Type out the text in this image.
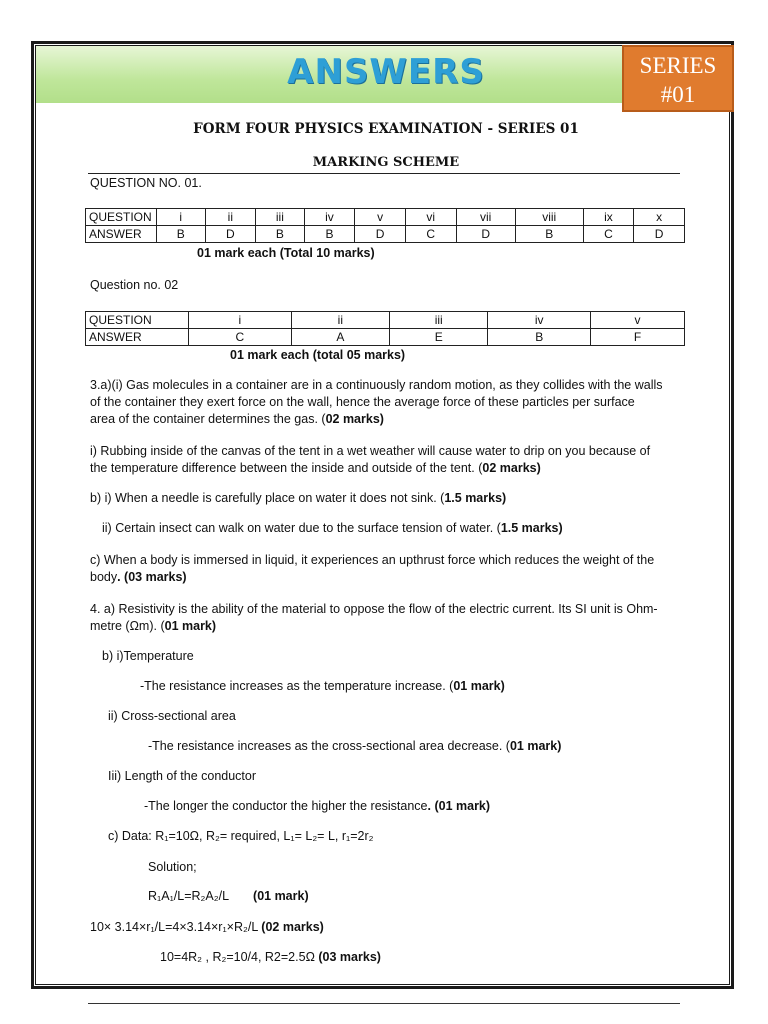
ANSWERS	SERIES
#01
FORM FOUR PHYSICS EXAMINATION - SERIES 01
MARKING SCHEME
QUESTION NO. 01.
QUESTION	i	ii	iii	iv	v	vi	vii	viii	ix	x
ANSWER	B	D	B	B	D	C	D	B	C	D
01 mark each (Total 10 marks)
Question no. 02
QUESTION	i	ii	iii	iv	v
ANSWER	C	A	E	B	F
01 mark each (total 05 marks)
3.a)(i) Gas molecules in a container are in a continuously random motion, as they collides with the walls
of the container they exert force on the wall, hence the average force of these particles per surface
area of the container determines the gas. (02 marks)
i) Rubbing inside of the canvas of the tent in a wet weather will cause water to drip on you because of
the temperature difference between the inside and outside of the tent. (02 marks)
b) i) When a needle is carefully place on water it does not sink. (1.5 marks)
ii) Certain insect can walk on water due to the surface tension of water. (1.5 marks)
c) When a body is immersed in liquid, it experiences an upthrust force which reduces the weight of the
body. (03 marks)
4. a) Resistivity is the ability of the material to oppose the flow of the electric current. Its SI unit is Ohm-
metre (Ωm). (01 mark)
b) i)Temperature
-The resistance increases as the temperature increase. (01 mark)
ii) Cross-sectional area
-The resistance increases as the cross-sectional area decrease. (01 mark)
Iii) Length of the conductor
-The longer the conductor the higher the resistance. (01 mark)
c) Data: R₁=10Ω, R₂= required, L₁= L₂= L, r₁=2r₂
Solution;
R₁A₁/L=R₂A₂/L (01 mark)
10× 3.14×r₁/L=4×3.14×r₁×R₂/L (02 marks)
10=4R₂ , R₂=10/4, R2=2.5Ω (03 marks)
